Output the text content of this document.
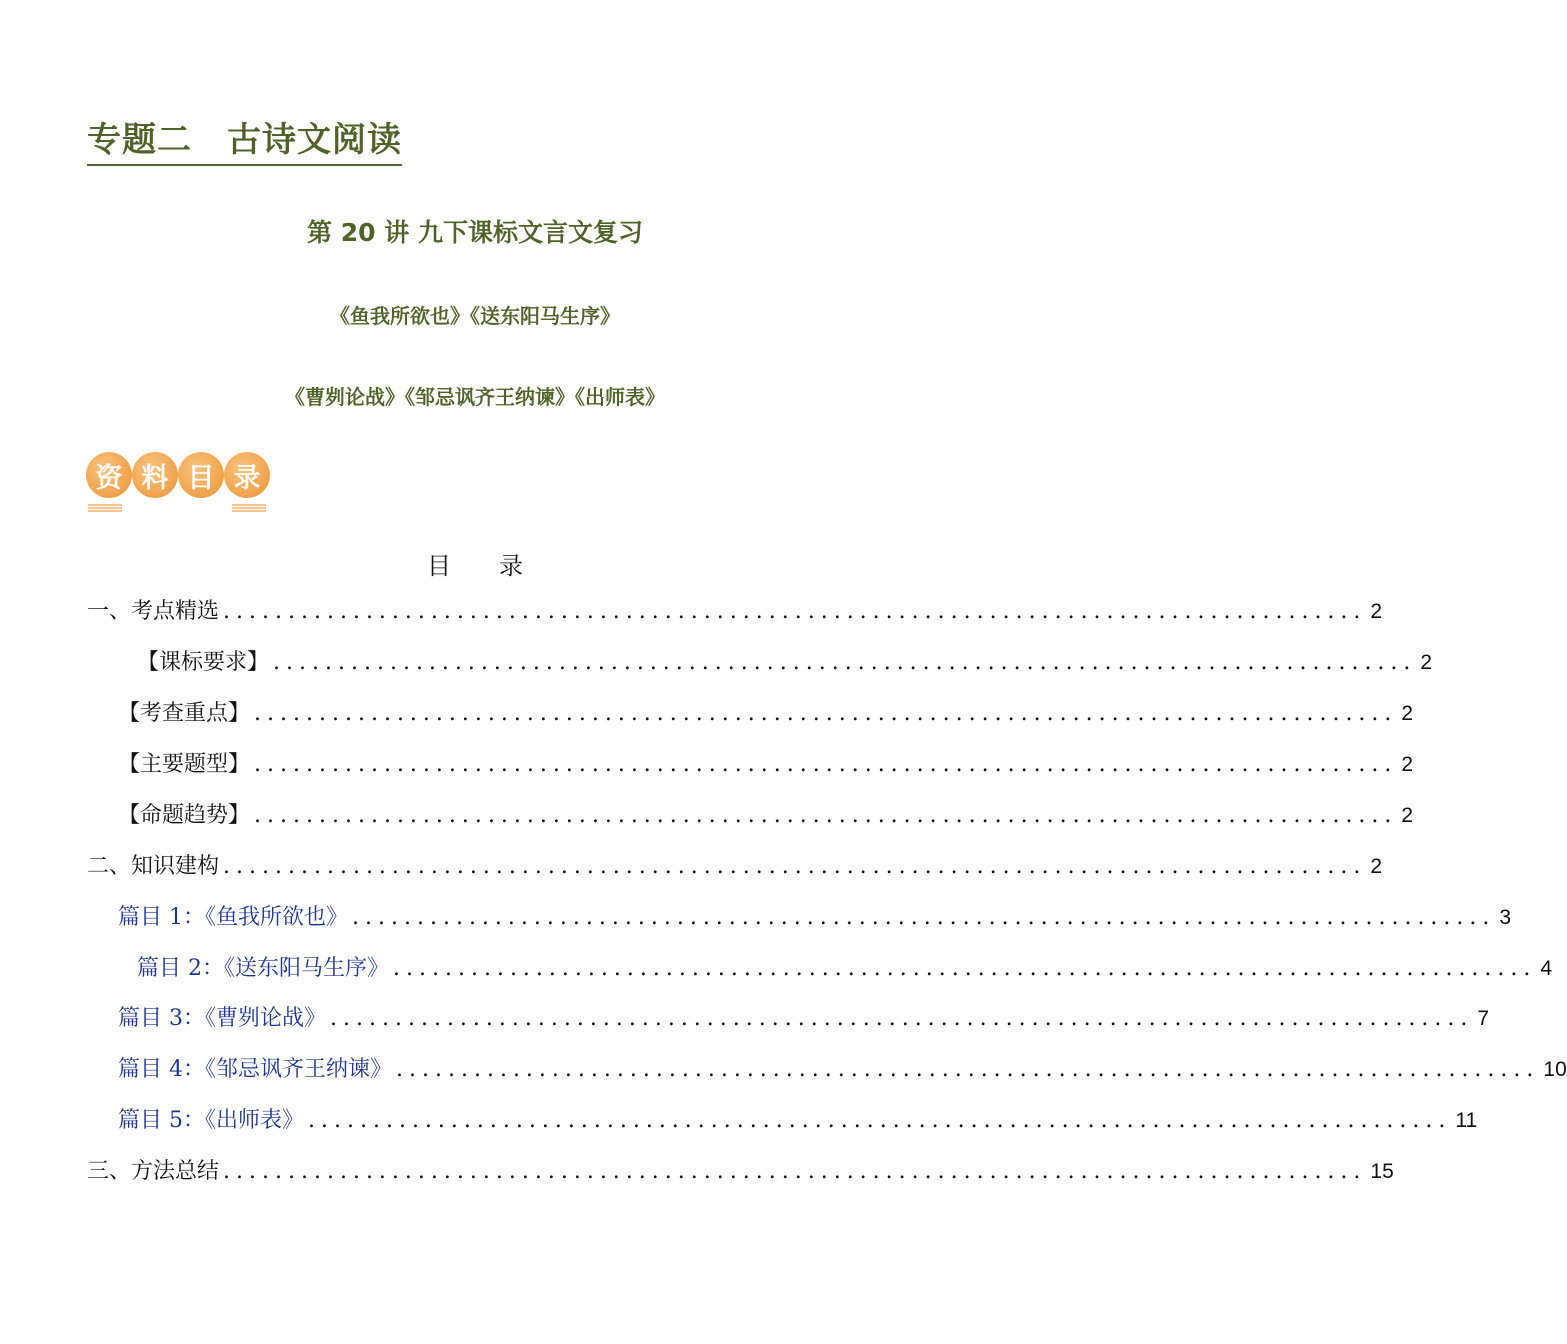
专题二　古诗文阅读
第 20 讲 九下课标文言文复习
《鱼我所欲也》《送东阳马生序》
《曹刿论战》《邹忌讽齐王纳谏》《出师表》
资 料 目 录
目　　录
一、考点精选 ........................................................................................ 2
【课标要求】 ........................................................................................ 2
【考查重点】 ........................................................................................ 2
【主要题型】 ........................................................................................ 2
【命题趋势】 ........................................................................................ 2
二、知识建构 ........................................................................................ 2
篇目 1：《鱼我所欲也》 ........................................................................................ 3
篇目 2：《送东阳马生序》 ........................................................................................ 4
篇目 3：《曹刿论战》 ........................................................................................ 7
篇目 4：《邹忌讽齐王纳谏》 ........................................................................................ 10
篇目 5：《出师表》 ........................................................................................ 11
三、方法总结 ........................................................................................ 15
